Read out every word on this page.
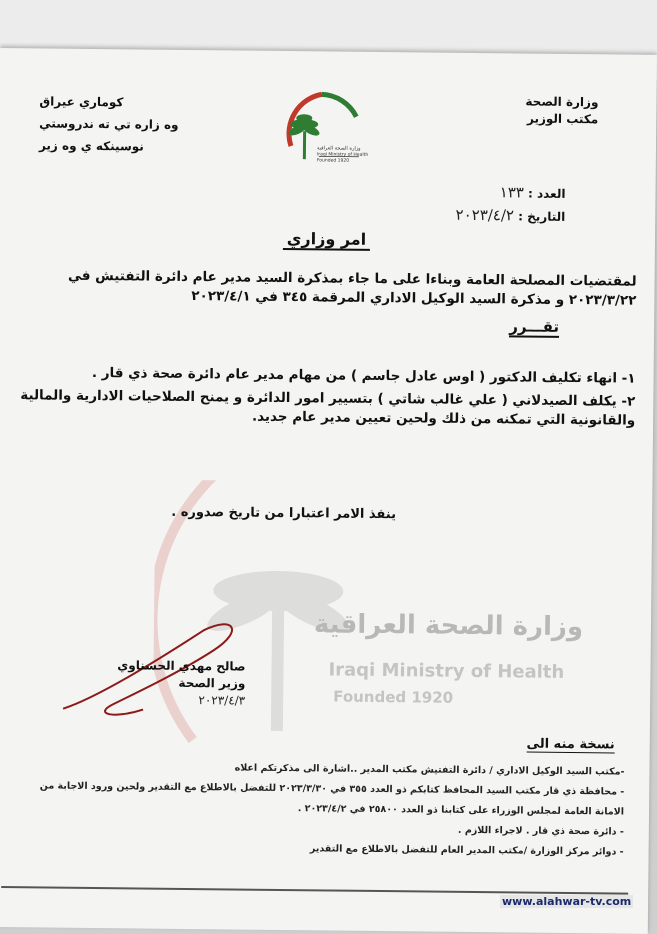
وزارة الصحة

مكتب الوزير

كوماري عيراق

وه زاره تي ته ندروستي

نوسينكه ي وه زير	وزارة الصحة العراقية
Iraqi Ministry of Health
Founded 1920

العدد : ١٣٣

التاريخ : ٢٠٢٣/٤/٢

امر وزاري

لمقتضيات المصلحة العامة وبناءا على ما جاء بمذكرة السيد مدير عام دائرة التفتيش في ٢٠٢٣/٣/٢٢ و مذكرة السيد الوكيل الاداري المرقمة ٣٤٥ في ٢٠٢٣/٤/١

تقـــرر

١- انهاء تكليف الدكتور ( اوس عادل جاسم ) من مهام مدير عام دائرة صحة ذي قار .

٢- يكلف الصيدلاني ( علي غالب شاتي ) بتسيير امور الدائرة و يمنح الصلاحيات الادارية والمالية والقانونية التي تمكنه من ذلك ولحين تعيين مدير عام جديد.

وزارة الصحة العراقية
Iraqi Ministry of Health
Founded 1920
ينفذ الامر اعتبارا من تاريخ صدوره .

صالح مهدي الحسناوي

وزير الصحة

٢٠٢٣/٤/٣

نسخة منه الى

-مكتب السيد الوكيل الاداري / دائرة التفتيش مكتب المدير ..اشارة الى مذكرتكم اعلاه

- محافظة ذي قار مكتب السيد المحافظ كتابكم ذو العدد ٣٥٥ في ٢٠٢٣/٣/٣٠ للتفضل بالاطلاع مع التقدير ولحين ورود الاجابة من

الامانة العامة لمجلس الوزراء على كتابنا ذو العدد ٢٥٨٠٠ في ٢٠٢٣/٤/٢ .

- دائرة صحة ذي قار . لاجراء اللازم .

- دوائر مركز الوزارة /مكتب المدير العام للتفضل بالاطلاع مع التقدير

www.alahwar-tv.com
